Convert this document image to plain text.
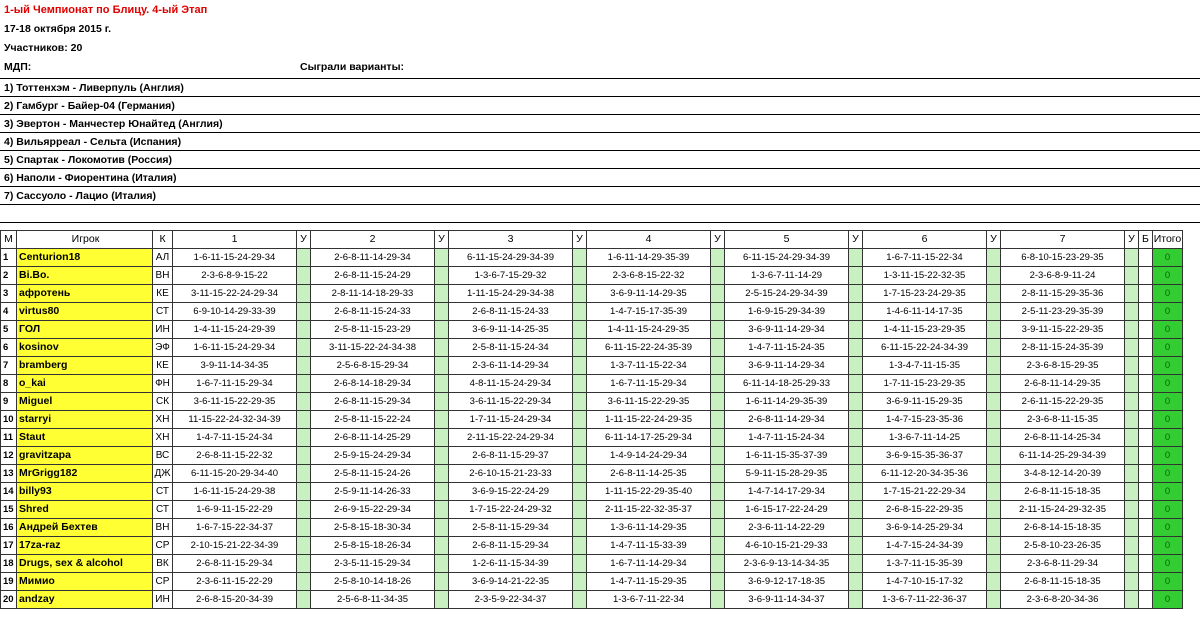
1-ый Чемпионат по Блицу. 4-ый Этап
17-18 октября 2015 г.
Участников: 20
МДП:	Сыграли варианты:
1) Тоттенхэм - Ливерпуль (Англия)
2) Гамбург - Байер-04 (Германия)
3) Эвертон - Манчестер Юнайтед (Англия)
4) Вильярреал - Сельта (Испания)
5) Спартак - Локомотив (Россия)
6) Наполи - Фиорентина (Италия)
7) Сассуоло - Лацио (Италия)

М	Игрок	К	1	У	2	У	3	У	4	У	5	У	6	У	7	У	Б	Итого
1	Centurion18	АЛ	1-6-11-15-24-29-34		2-6-8-11-14-29-34		6-11-15-24-29-34-39		1-6-11-14-29-35-39		6-11-15-24-29-34-39		1-6-7-11-15-22-34		6-8-10-15-23-29-35			0
2	Bi.Bo.	ВН	2-3-6-8-9-15-22		2-6-8-11-15-24-29		1-3-6-7-15-29-32		2-3-6-8-15-22-32		1-3-6-7-11-14-29		1-3-11-15-22-32-35		2-3-6-8-9-11-24			0
3	афротень	КЕ	3-11-15-22-24-29-34		2-8-11-14-18-29-33		1-11-15-24-29-34-38		3-6-9-11-14-29-35		2-5-15-24-29-34-39		1-7-15-23-24-29-35		2-8-11-15-29-35-36			0
4	virtus80	СТ	6-9-10-14-29-33-39		2-6-8-11-15-24-33		2-6-8-11-15-24-33		1-4-7-15-17-35-39		1-6-9-15-29-34-39		1-4-6-11-14-17-35		2-5-11-23-29-35-39			0
5	ГОЛ	ИН	1-4-11-15-24-29-39		2-5-8-11-15-23-29		3-6-9-11-14-25-35		1-4-11-15-24-29-35		3-6-9-11-14-29-34		1-4-11-15-23-29-35		3-9-11-15-22-29-35			0
6	kosinov	ЭФ	1-6-11-15-24-29-34		3-11-15-22-24-34-38		2-5-8-11-15-24-34		6-11-15-22-24-35-39		1-4-7-11-15-24-35		6-11-15-22-24-34-39		2-8-11-15-24-35-39			0
7	bramberg	КЕ	3-9-11-14-34-35		2-5-6-8-15-29-34		2-3-6-11-14-29-34		1-3-7-11-15-22-34		3-6-9-11-14-29-34		1-3-4-7-11-15-35		2-3-6-8-15-29-35			0
8	o_kai	ФН	1-6-7-11-15-29-34		2-6-8-14-18-29-34		4-8-11-15-24-29-34		1-6-7-11-15-29-34		6-11-14-18-25-29-33		1-7-11-15-23-29-35		2-6-8-11-14-29-35			0
9	Miguel	СК	3-6-11-15-22-29-35		2-6-8-11-15-29-34		3-6-11-15-22-29-34		3-6-11-15-22-29-35		1-6-11-14-29-35-39		3-6-9-11-15-29-35		2-6-11-15-22-29-35			0
10	starryi	ХН	11-15-22-24-32-34-39		2-5-8-11-15-22-24		1-7-11-15-24-29-34		1-11-15-22-24-29-35		2-6-8-11-14-29-34		1-4-7-15-23-35-36		2-3-6-8-11-15-35			0
11	Staut	ХН	1-4-7-11-15-24-34		2-6-8-11-14-25-29		2-11-15-22-24-29-34		6-11-14-17-25-29-34		1-4-7-11-15-24-34		1-3-6-7-11-14-25		2-6-8-11-14-25-34			0
12	gravitzapa	ВС	2-6-8-11-15-22-32		2-5-9-15-24-29-34		2-6-8-11-15-29-37		1-4-9-14-24-29-34		1-6-11-15-35-37-39		3-6-9-15-35-36-37		6-11-14-25-29-34-39			0
13	MrGrigg182	ДЖ	6-11-15-20-29-34-40		2-5-8-11-15-24-26		2-6-10-15-21-23-33		2-6-8-11-14-25-35		5-9-11-15-28-29-35		6-11-12-20-34-35-36		3-4-8-12-14-20-39			0
14	billy93	СТ	1-6-11-15-24-29-38		2-5-9-11-14-26-33		3-6-9-15-22-24-29		1-11-15-22-29-35-40		1-4-7-14-17-29-34		1-7-15-21-22-29-34		2-6-8-11-15-18-35			0
15	Shred	СТ	1-6-9-11-15-22-29		2-6-9-15-22-29-34		1-7-15-22-24-29-32		2-11-15-22-32-35-37		1-6-15-17-22-24-29		2-6-8-15-22-29-35		2-11-15-24-29-32-35			0
16	Андрей Бехтев	ВН	1-6-7-15-22-34-37		2-5-8-15-18-30-34		2-5-8-11-15-29-34		1-3-6-11-14-29-35		2-3-6-11-14-22-29		3-6-9-14-25-29-34		2-6-8-14-15-18-35			0
17	17za-raz	СР	2-10-15-21-22-34-39		2-5-8-15-18-26-34		2-6-8-11-15-29-34		1-4-7-11-15-33-39		4-6-10-15-21-29-33		1-4-7-15-24-34-39		2-5-8-10-23-26-35			0
18	Drugs, sex & alcohol	ВК	2-6-8-11-15-29-34		2-3-5-11-15-29-34		1-2-6-11-15-34-39		1-6-7-11-14-29-34		2-3-6-9-13-14-34-35		1-3-7-11-15-35-39		2-3-6-8-11-29-34			0
19	Мимио	СР	2-3-6-11-15-22-29		2-5-8-10-14-18-26		3-6-9-14-21-22-35		1-4-7-11-15-29-35		3-6-9-12-17-18-35		1-4-7-10-15-17-32		2-6-8-11-15-18-35			0
20	andzay	ИН	2-6-8-15-20-34-39		2-5-6-8-11-34-35		2-3-5-9-22-34-37		1-3-6-7-11-22-34		3-6-9-11-14-34-37		1-3-6-7-11-22-36-37		2-3-6-8-20-34-36			0
